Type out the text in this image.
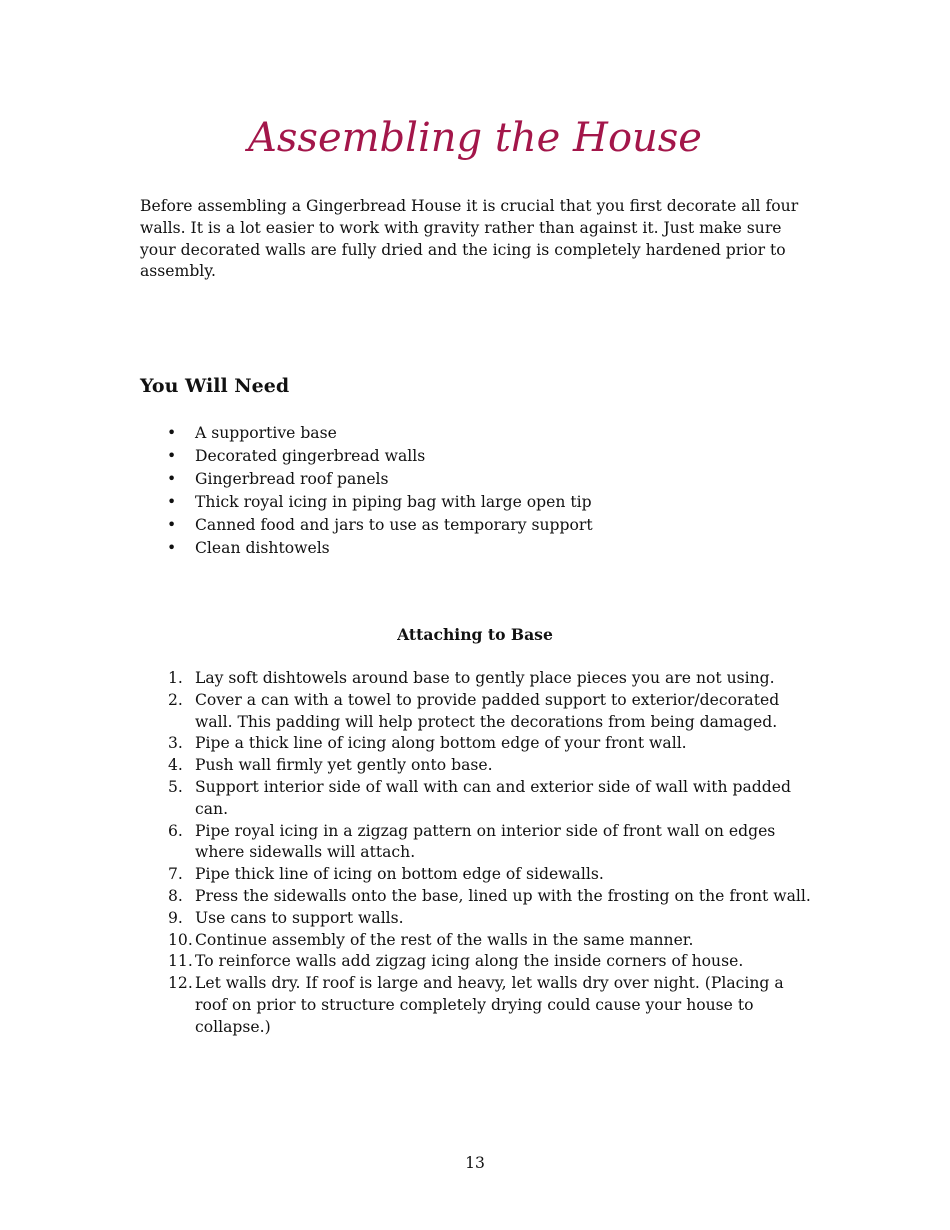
Assembling the House

Before assembling a Gingerbread House it is crucial that you first decorate all four walls. It is a lot easier to work with gravity rather than against it. Just make sure your decorated walls are fully dried and the icing is completely hardened prior to assembly.

You Will Need
• A supportive base
• Decorated gingerbread walls
• Gingerbread roof panels
• Thick royal icing in piping bag with large open tip
• Canned food and jars to use as temporary support
• Clean dishtowels
Attaching to Base
1. Lay soft dishtowels around base to gently place pieces you are not using.
2. Cover a can with a towel to provide padded support to exterior/decorated wall. This padding will help protect the decorations from being damaged.
3. Pipe a thick line of icing along bottom edge of your front wall.
4. Push wall firmly yet gently onto base.
5. Support interior side of wall with can and exterior side of wall with padded can.
6. Pipe royal icing in a zigzag pattern on interior side of front wall on edges where sidewalls will attach.
7. Pipe thick line of icing on bottom edge of sidewalls.
8. Press the sidewalls onto the base, lined up with the frosting on the front wall.
9. Use cans to support walls.
10. Continue assembly of the rest of the walls in the same manner.
11. To reinforce walls add zigzag icing along the inside corners of house.
12. Let walls dry. If roof is large and heavy, let walls dry over night. (Placing a roof on prior to structure completely drying could cause your house to collapse.)

13
